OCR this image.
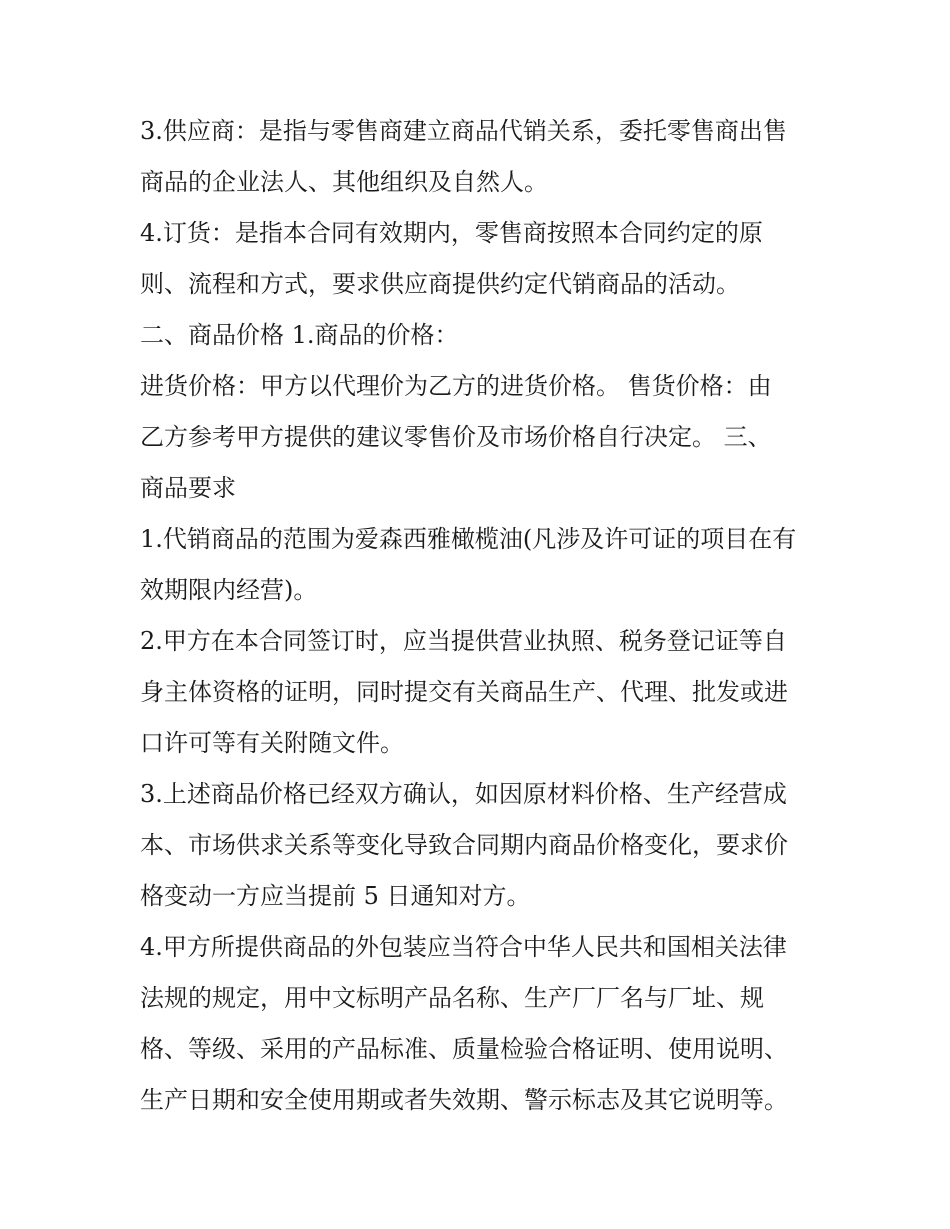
3.供应商：是指与零售商建立商品代销关系，委托零售商出售
商品的企业法人、其他组织及自然人。
4.订货：是指本合同有效期内，零售商按照本合同约定的原
则、流程和方式，要求供应商提供约定代销商品的活动。
二、商品价格 1.商品的价格：
进货价格：甲方以代理价为乙方的进货价格。 售货价格：由
乙方参考甲方提供的建议零售价及市场价格自行决定。 三、
商品要求
1.代销商品的范围为爱森西雅橄榄油(凡涉及许可证的项目在有
效期限内经营)。
2.甲方在本合同签订时，应当提供营业执照、税务登记证等自
身主体资格的证明，同时提交有关商品生产、代理、批发或进
口许可等有关附随文件。
3.上述商品价格已经双方确认，如因原材料价格、生产经营成
本、市场供求关系等变化导致合同期内商品价格变化，要求价
格变动一方应当提前 5 日通知对方。
4.甲方所提供商品的外包装应当符合中华人民共和国相关法律
法规的规定，用中文标明产品名称、生产厂厂名与厂址、规
格、等级、采用的产品标准、质量检验合格证明、使用说明、
生产日期和安全使用期或者失效期、警示标志及其它说明等。
